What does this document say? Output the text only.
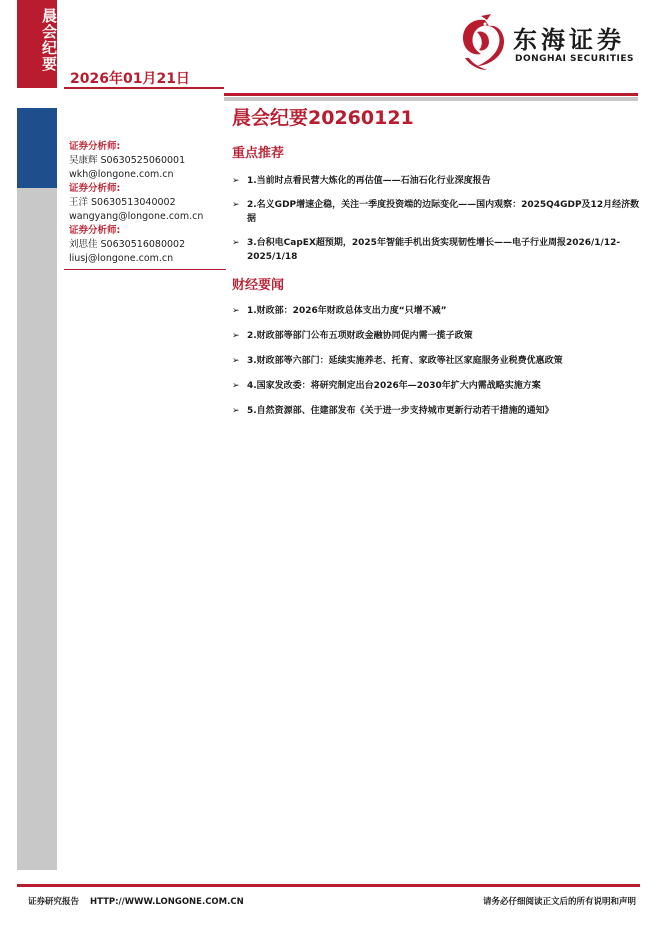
晨会纪要
2026年01月21日
东海证券
DONGHAI SECURITIES
证券分析师:
吴康辉 S0630525060001
wkh@longone.com.cn
证券分析师:
王洋 S0630513040002
wangyang@longone.com.cn
证券分析师:
刘思佳 S0630516080002
liusj@longone.com.cn
晨会纪要20260121
重点推荐
➢ 1.当前时点看民营大炼化的再估值——石油石化行业深度报告
➢ 2.名义GDP增速企稳，关注一季度投资端的边际变化——国内观察：2025Q4GDP及12月经济数据
➢ 3.台积电CapEX超预期，2025年智能手机出货实现韧性增长——电子行业周报2026/1/12-2025/1/18
财经要闻
➢ 1.财政部：2026年财政总体支出力度“只增不减”
➢ 2.财政部等部门公布五项财政金融协同促内需一揽子政策
➢ 3.财政部等六部门：延续实施养老、托育、家政等社区家庭服务业税费优惠政策
➢ 4.国家发改委：将研究制定出台2026年—2030年扩大内需战略实施方案
➢ 5.自然资源部、住建部发布《关于进一步支持城市更新行动若干措施的通知》
证券研究报告 HTTP://WWW.LONGONE.COM.CN	请务必仔细阅读正文后的所有说明和声明
